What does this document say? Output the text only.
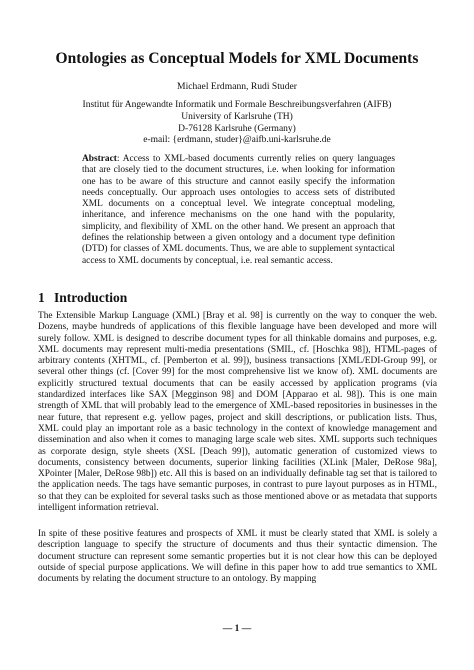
Ontologies as Conceptual Models for XML Documents
Michael Erdmann, Rudi Studer
Institut für Angewandte Informatik und Formale Beschreibungsverfahren (AIFB)
University of Karlsruhe (TH)
D-76128 Karlsruhe (Germany)
e-mail: {erdmann, studer}@aifb.uni-karlsruhe.de
Abstract: Access to XML-based documents currently relies on query languages that are closely tied to the document structures, i.e. when looking for information one has to be aware of this structure and cannot easily specify the information needs conceptually. Our approach uses ontologies to access sets of distributed XML documents on a conceptual level. We integrate conceptual modeling, inheritance, and inference mechanisms on the one hand with the popularity, simplicity, and flexibility of XML on the other hand. We present an approach that defines the relationship between a given ontology and a document type definition (DTD) for classes of XML documents. Thus, we are able to supplement syntactical access to XML documents by conceptual, i.e. real semantic access.
1 Introduction
The Extensible Markup Language (XML) [Bray et al. 98] is currently on the way to conquer the web. Dozens, maybe hundreds of applications of this flexible language have been developed and more will surely follow. XML is designed to describe document types for all thinkable domains and purposes, e.g. XML documents may represent multi-media presentations (SMIL, cf. [Hoschka 98]), HTML-pages of arbitrary contents (XHTML, cf. [Pemberton et al. 99]), business transactions [XML/EDI-Group 99], or several other things (cf. [Cover 99] for the most comprehensive list we know of). XML documents are explicitly structured textual documents that can be easily accessed by application programs (via standardized interfaces like SAX [Megginson 98] and DOM [Apparao et al. 98]). This is one main strength of XML that will probably lead to the emergence of XML-based repositories in businesses in the near future, that represent e.g. yellow pages, project and skill descriptions, or publication lists. Thus, XML could play an important role as a basic technology in the context of knowledge management and dissemination and also when it comes to managing large scale web sites. XML supports such techniques as corporate design, style sheets (XSL [Deach 99]), automatic generation of customized views to documents, consistency between documents, superior linking facilities (XLink [Maler, DeRose 98a], XPointer [Maler, DeRose 98b]) etc. All this is based on an individually definable tag set that is tailored to the application needs. The tags have semantic purposes, in contrast to pure layout purposes as in HTML, so that they can be exploited for several tasks such as those mentioned above or as metadata that supports intelligent information retrieval.
In spite of these positive features and prospects of XML it must be clearly stated that XML is solely a description language to specify the structure of documents and thus their syntactic dimension. The document structure can represent some semantic properties but it is not clear how this can be deployed outside of special purpose applications. We will define in this paper how to add true semantics to XML documents by relating the document structure to an ontology. By mapping
— 1 —
